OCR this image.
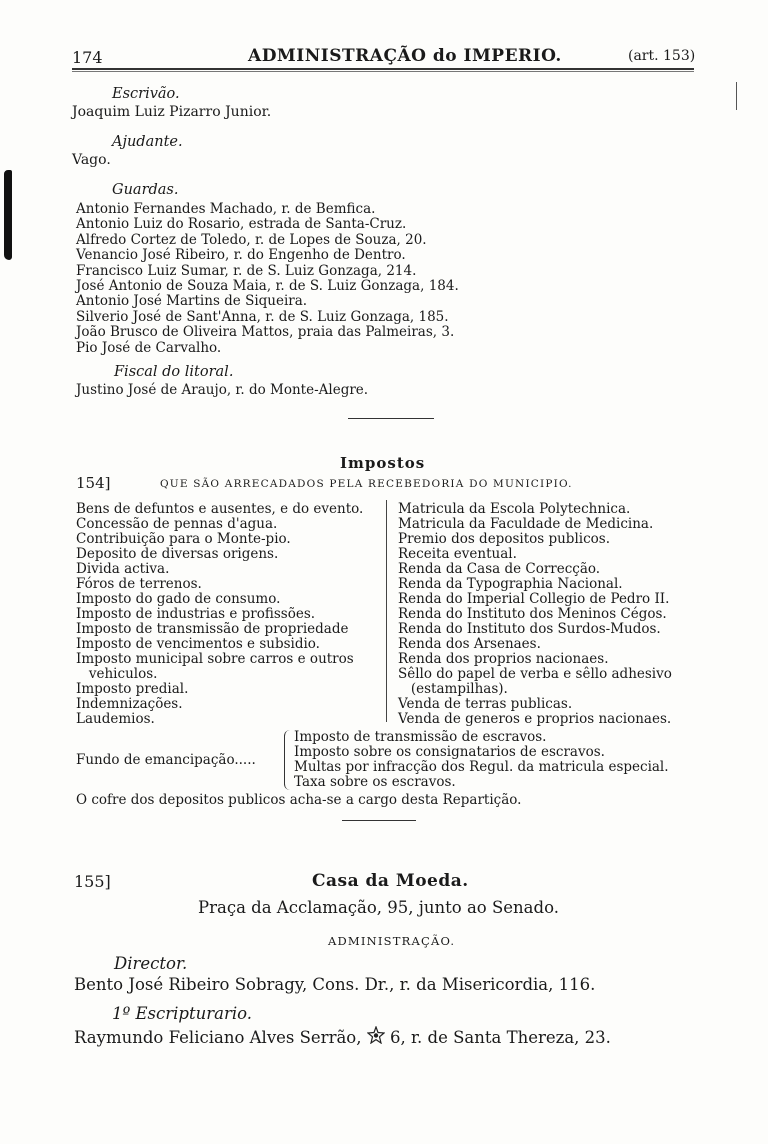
174	ADMINISTRAÇÃO do IMPERIO.	(art. 153)
Escrivão.
Joaquim Luiz Pizarro Junior.
Ajudante.
Vago.
Guardas.
Antonio Fernandes Machado, r. de Bemfica.
Antonio Luiz do Rosario, estrada de Santa-Cruz.
Alfredo Cortez de Toledo, r. de Lopes de Souza, 20.
Venancio José Ribeiro, r. do Engenho de Dentro.
Francisco Luiz Sumar, r. de S. Luiz Gonzaga, 214.
José Antonio de Souza Maia, r. de S. Luiz Gonzaga, 184.
Antonio José Martins de Siqueira.
Silverio José de Sant'Anna, r. de S. Luiz Gonzaga, 185.
João Brusco de Oliveira Mattos, praia das Palmeiras, 3.
Pio José de Carvalho.
Fiscal do litoral.
Justino José de Araujo, r. do Monte-Alegre.
Impostos
154]	QUE SÃO ARRECADADOS PELA RECEBEDORIA DO MUNICIPIO.
Bens de defuntos e ausentes, e do evento.
Concessão de pennas d'agua.
Contribuição para o Monte-pio.
Deposito de diversas origens.
Divida activa.
Fóros de terrenos.
Imposto do gado de consumo.
Imposto de industrias e profissões.
Imposto de transmissão de propriedade
Imposto de vencimentos e subsidio.
Imposto municipal sobre carros e outros
vehiculos.
Imposto predial.
Indemnizações.
Laudemios.
Matricula da Escola Polytechnica.
Matricula da Faculdade de Medicina.
Premio dos depositos publicos.
Receita eventual.
Renda da Casa de Correcção.
Renda da Typographia Nacional.
Renda do Imperial Collegio de Pedro II.
Renda do Instituto dos Meninos Cégos.
Renda do Instituto dos Surdos-Mudos.
Renda dos Arsenaes.
Renda dos proprios nacionaes.
Sêllo do papel de verba e sêllo adhesivo
(estampilhas).
Venda de terras publicas.
Venda de generos e proprios nacionaes.
Fundo de emancipação.....
Imposto de transmissão de escravos.
Imposto sobre os consignatarios de escravos.
Multas por infracção dos Regul. da matricula especial.
Taxa sobre os escravos.
O cofre dos depositos publicos acha-se a cargo desta Repartição.
155]	Casa da Moeda.
Praça da Acclamação, 95, junto ao Senado.
ADMINISTRAÇÃO.
Director.
Bento José Ribeiro Sobragy, Cons. Dr., r. da Misericordia, 116.
1º Escripturario.
Raymundo Feliciano Alves Serrão, 6, r. de Santa Thereza, 23.
